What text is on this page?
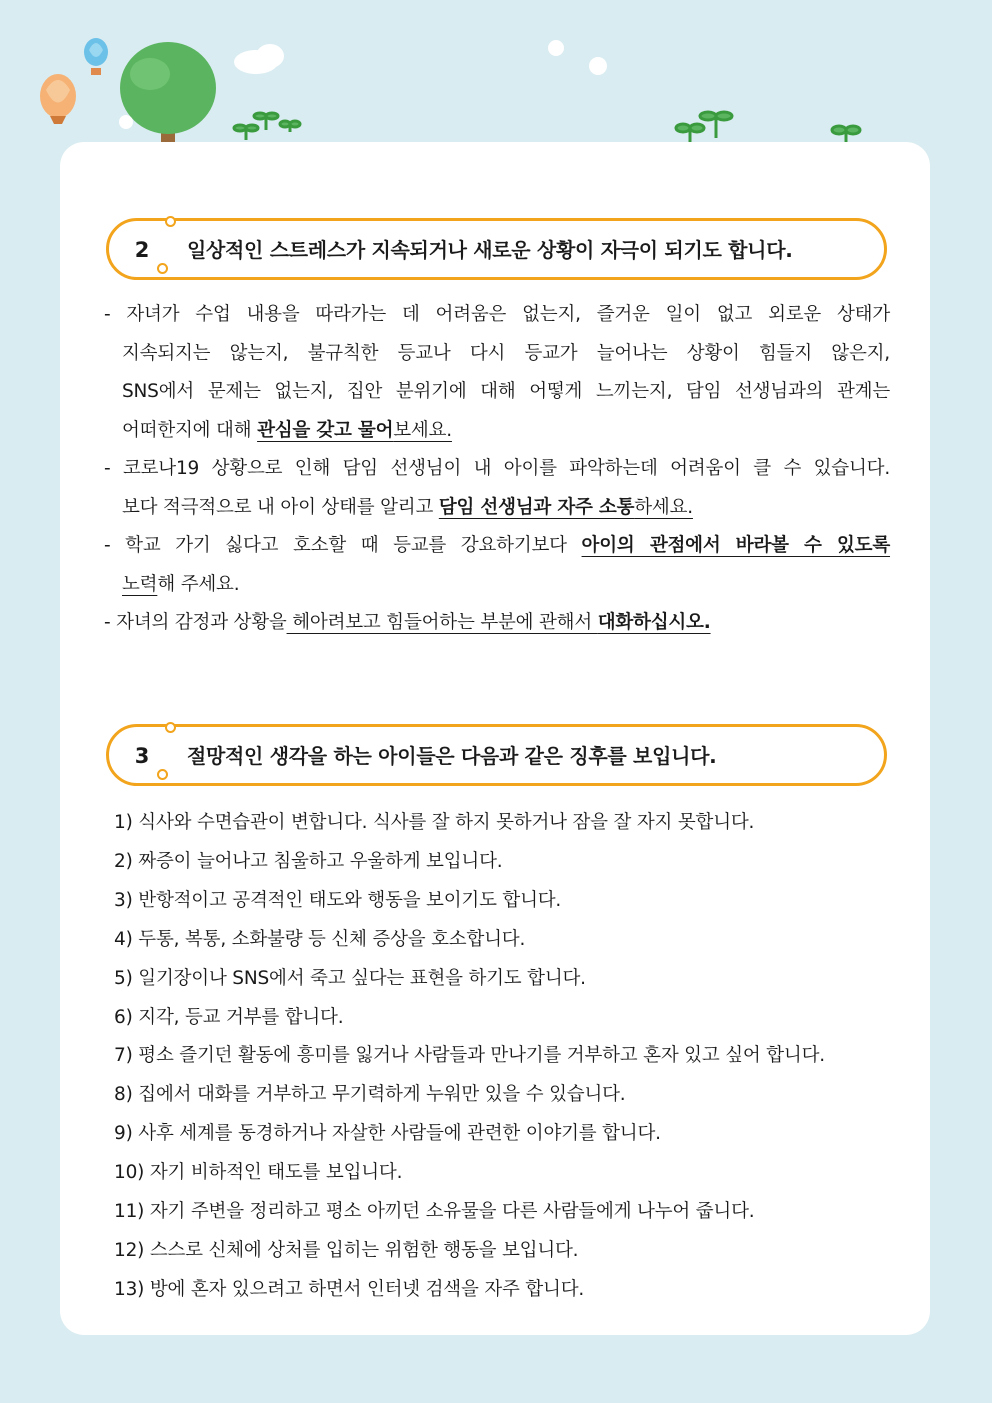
2 일상적인 스트레스가 지속되거나 새로운 상황이 자극이 되기도 합니다.
- 자녀가 수업 내용을 따라가는 데 어려움은 없는지, 즐거운 일이 없고 외로운 상태가
지속되지는 않는지, 불규칙한 등교나 다시 등교가 늘어나는 상황이 힘들지 않은지,
SNS에서 문제는 없는지, 집안 분위기에 대해 어떻게 느끼는지, 담임 선생님과의 관계는
어떠한지에 대해 관심을 갖고 물어보세요.
- 코로나19 상황으로 인해 담임 선생님이 내 아이를 파악하는데 어려움이 클 수 있습니다.
보다 적극적으로 내 아이 상태를 알리고 담임 선생님과 자주 소통하세요.
- 학교 가기 싫다고 호소할 때 등교를 강요하기보다 아이의 관점에서 바라볼 수 있도록
노력해 주세요.
- 자녀의 감정과 상황을 헤아려보고 힘들어하는 부분에 관해서 대화하십시오.
3 절망적인 생각을 하는 아이들은 다음과 같은 징후를 보입니다.
1) 식사와 수면습관이 변합니다. 식사를 잘 하지 못하거나 잠을 잘 자지 못합니다.
2) 짜증이 늘어나고 침울하고 우울하게 보입니다.
3) 반항적이고 공격적인 태도와 행동을 보이기도 합니다.
4) 두통, 복통, 소화불량 등 신체 증상을 호소합니다.
5) 일기장이나 SNS에서 죽고 싶다는 표현을 하기도 합니다.
6) 지각, 등교 거부를 합니다.
7) 평소 즐기던 활동에 흥미를 잃거나 사람들과 만나기를 거부하고 혼자 있고 싶어 합니다.
8) 집에서 대화를 거부하고 무기력하게 누워만 있을 수 있습니다.
9) 사후 세계를 동경하거나 자살한 사람들에 관련한 이야기를 합니다.
10) 자기 비하적인 태도를 보입니다.
11) 자기 주변을 정리하고 평소 아끼던 소유물을 다른 사람들에게 나누어 줍니다.
12) 스스로 신체에 상처를 입히는 위험한 행동을 보입니다.
13) 방에 혼자 있으려고 하면서 인터넷 검색을 자주 합니다.
